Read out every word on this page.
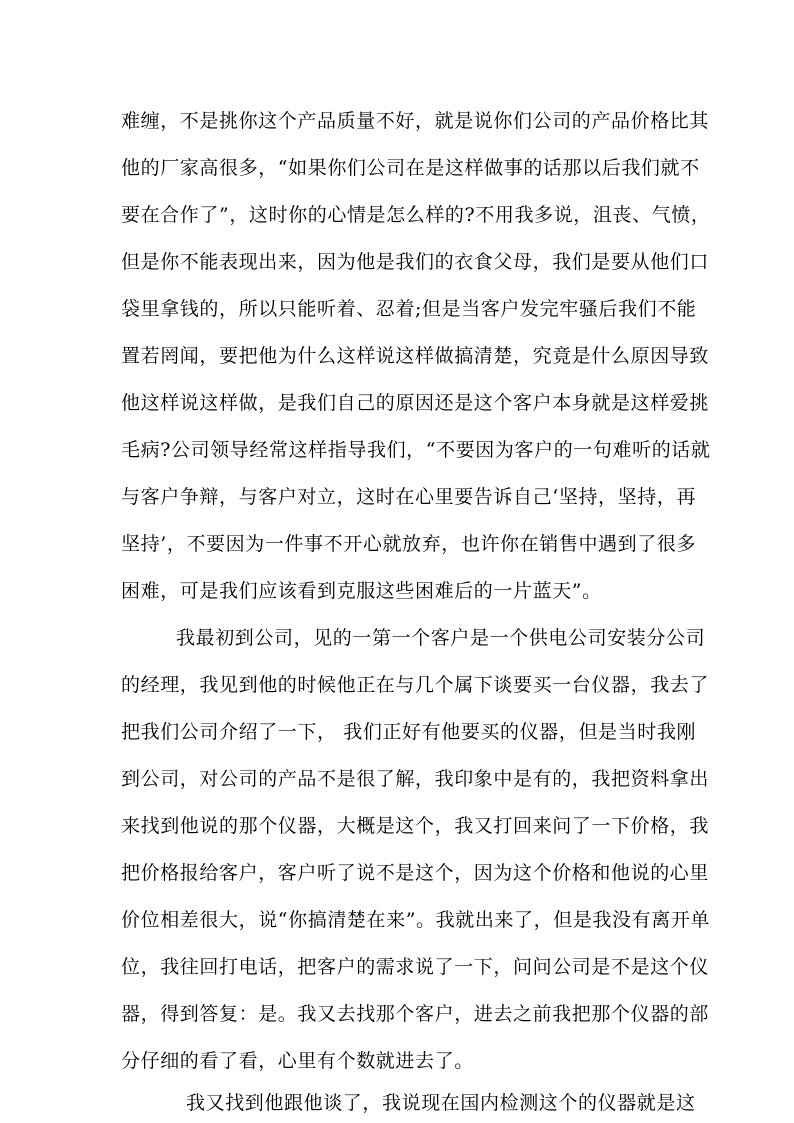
难缠，不是挑你这个产品质量不好，就是说你们公司的产品价格比其
他的厂家高很多，“如果你们公司在是这样做事的话那以后我们就不
要在合作了”，这时你的心情是怎么样的?不用我多说，沮丧、气愤，
但是你不能表现出来，因为他是我们的衣食父母，我们是要从他们口
袋里拿钱的，所以只能听着、忍着;但是当客户发完牢骚后我们不能
置若罔闻，要把他为什么这样说这样做搞清楚，究竟是什么原因导致
他这样说这样做，是我们自己的原因还是这个客户本身就是这样爱挑
毛病?公司领导经常这样指导我们，“不要因为客户的一句难听的话就
与客户争辩，与客户对立，这时在心里要告诉自己‘坚持，坚持，再
坚持’，不要因为一件事不开心就放弃，也许你在销售中遇到了很多
困难，可是我们应该看到克服这些困难后的一片蓝天”。
我最初到公司，见的一第一个客户是一个供电公司安装分公司
的经理，我见到他的时候他正在与几个属下谈要买一台仪器，我去了
把我们公司介绍了一下， 我们正好有他要买的仪器，但是当时我刚
到公司，对公司的产品不是很了解，我印象中是有的，我把资料拿出
来找到他说的那个仪器，大概是这个，我又打回来问了一下价格，我
把价格报给客户，客户听了说不是这个，因为这个价格和他说的心里
价位相差很大，说“你搞清楚在来”。我就出来了，但是我没有离开单
位，我往回打电话，把客户的需求说了一下，问问公司是不是这个仪
器，得到答复：是。我又去找那个客户，进去之前我把那个仪器的部
分仔细的看了看，心里有个数就进去了。
我又找到他跟他谈了，我说现在国内检测这个的仪器就是这
